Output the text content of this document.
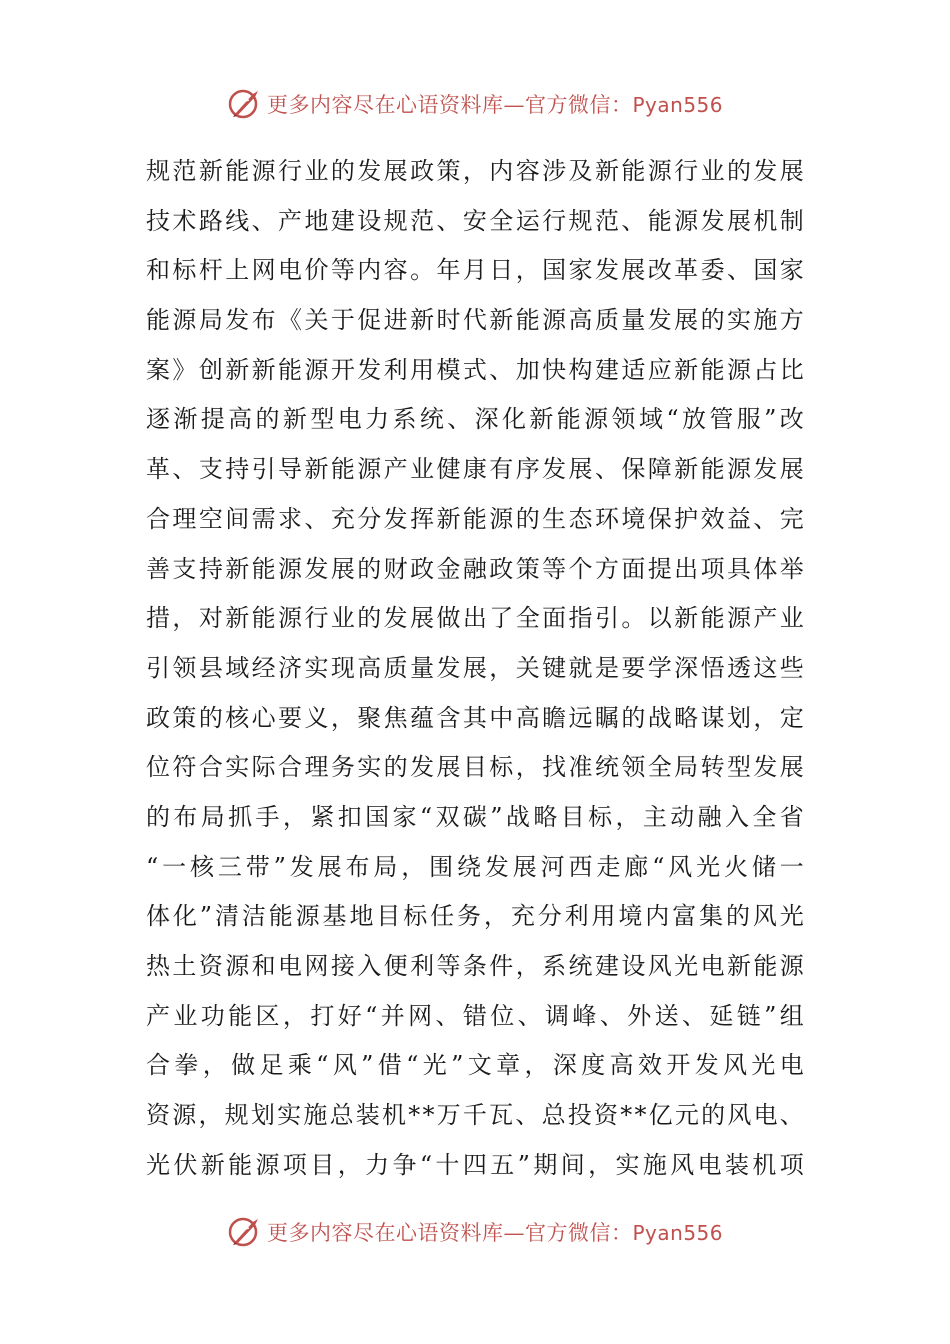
更多内容尽在心语资料库—官方微信：Pyan556
规范新能源行业的发展政策，内容涉及新能源行业的发展
技术路线、产地建设规范、安全运行规范、能源发展机制
和标杆上网电价等内容。年月日，国家发展改革委、国家
能源局发布《关于促进新时代新能源高质量发展的实施方
案》创新新能源开发利用模式、加快构建适应新能源占比
逐渐提高的新型电力系统、深化新能源领域“放管服”改
革、支持引导新能源产业健康有序发展、保障新能源发展
合理空间需求、充分发挥新能源的生态环境保护效益、完
善支持新能源发展的财政金融政策等个方面提出项具体举
措，对新能源行业的发展做出了全面指引。以新能源产业
引领县域经济实现高质量发展，关键就是要学深悟透这些
政策的核心要义，聚焦蕴含其中高瞻远瞩的战略谋划，定
位符合实际合理务实的发展目标，找准统领全局转型发展
的布局抓手，紧扣国家“双碳”战略目标，主动融入全省
“一核三带”发展布局，围绕发展河西走廊“风光火储一
体化”清洁能源基地目标任务，充分利用境内富集的风光
热土资源和电网接入便利等条件，系统建设风光电新能源
产业功能区，打好“并网、错位、调峰、外送、延链”组
合拳，做足乘“风”借“光”文章，深度高效开发风光电
资源，规划实施总装机**万千瓦、总投资**亿元的风电、
光伏新能源项目，力争“十四五”期间，实施风电装机项
更多内容尽在心语资料库—官方微信：Pyan556
